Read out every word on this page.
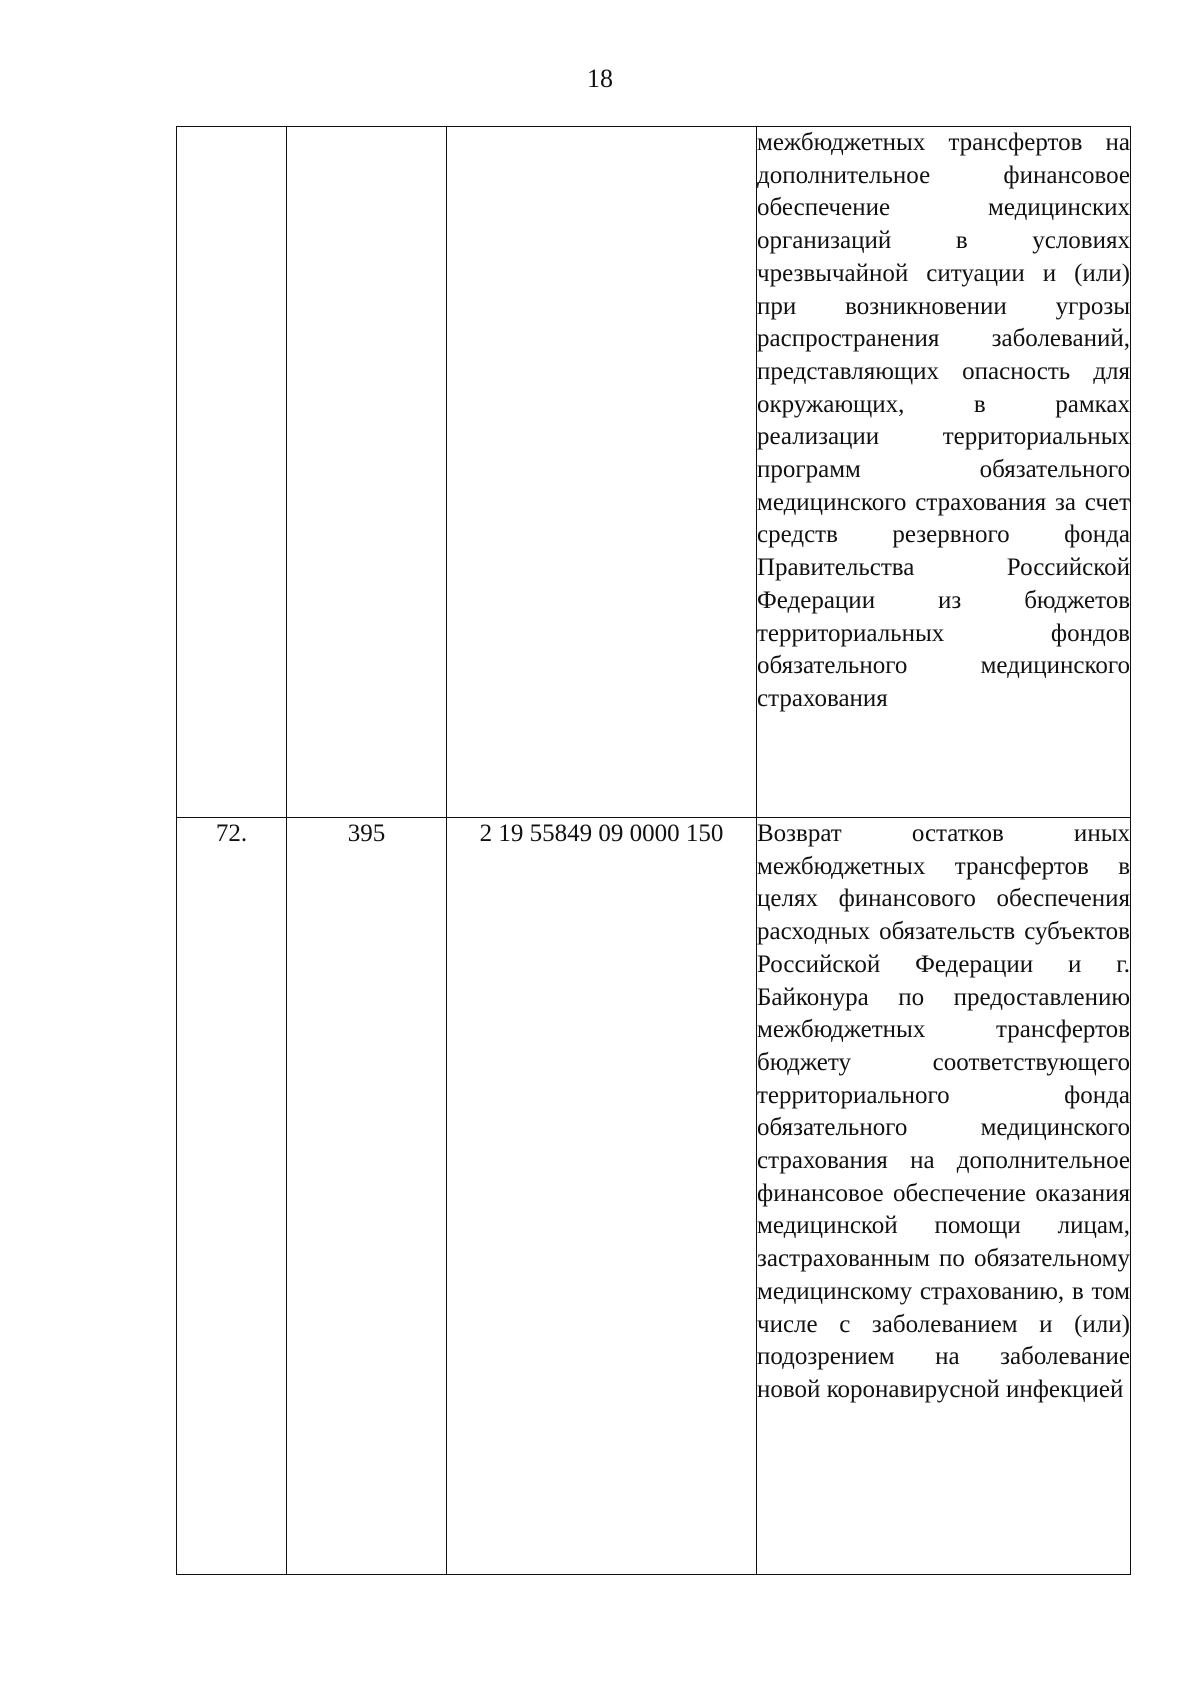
18

			межбюджетных трансфертов на дополнительное финансовое обеспечение медицинских организаций в условиях чрезвычайной ситуации и (или) при возникновении угрозы распространения заболеваний, представляющих опасность для окружающих, в рамках реализации территориальных программ обязательного медицинского страхования за счет средств резервного фонда Правительства Российской Федерации из бюджетов территориальных фондов обязательного медицинского страхования

72.	395	2 19 55849 09 0000 150	Возврат остатков иных межбюджетных трансфертов в целях финансового обеспечения расходных обязательств субъектов Российской Федерации и г. Байконура по предоставлению межбюджетных трансфертов бюджету соответствующего территориального фонда обязательного медицинского страхования на дополнительное финансовое обеспечение оказания медицинской помощи лицам, застрахованным по обязательному медицинскому страхованию, в том числе с заболеванием и (или) подозрением на заболевание новой коронавирусной инфекцией
